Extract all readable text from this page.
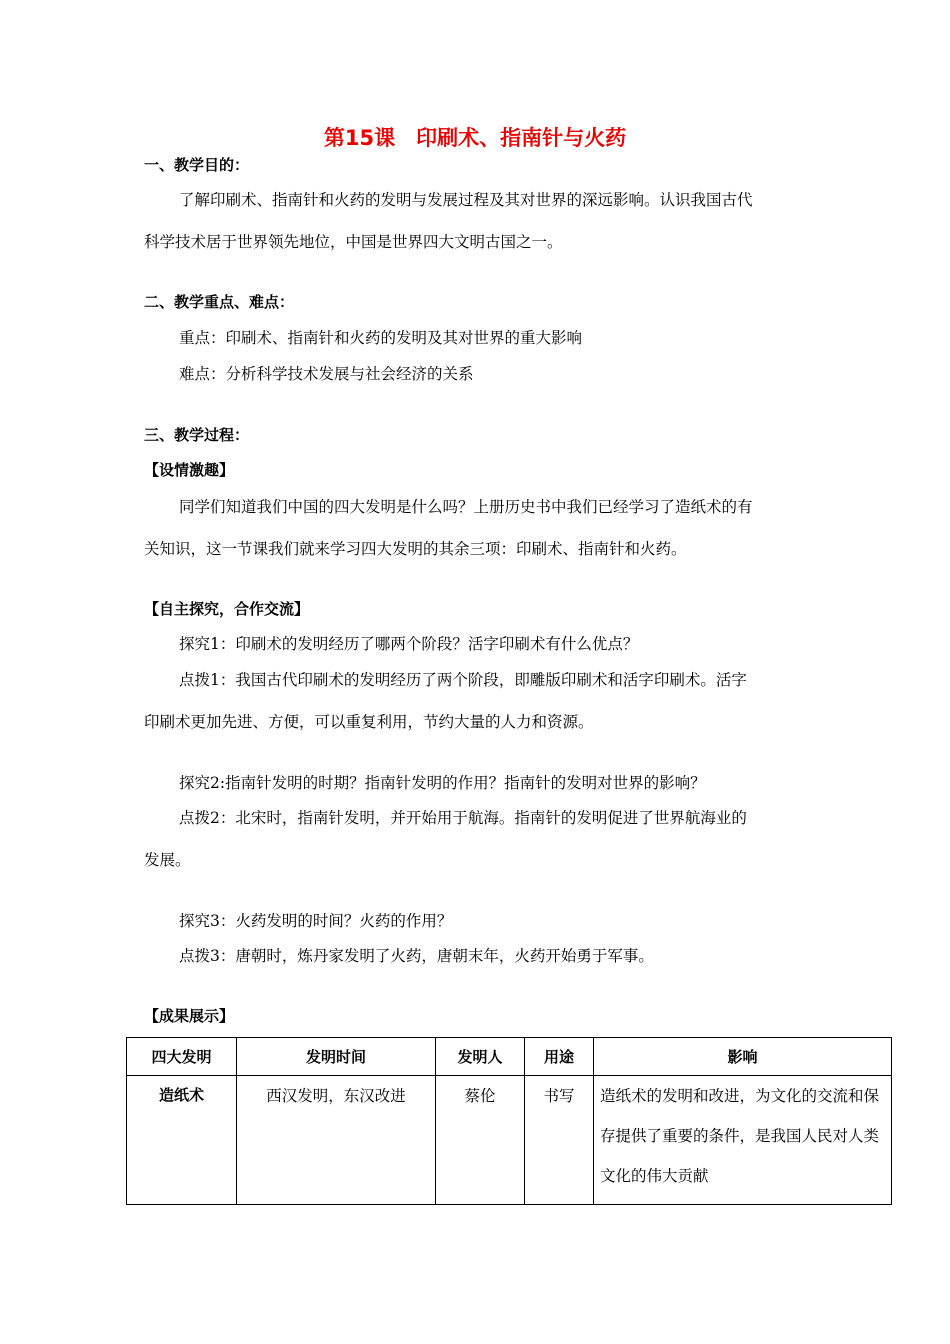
第15课　印刷术、指南针与火药
一、教学目的：
了解印刷术、指南针和火药的发明与发展过程及其对世界的深远影响。认识我国古代
科学技术居于世界领先地位，中国是世界四大文明古国之一。
二、教学重点、难点：
重点：印刷术、指南针和火药的发明及其对世界的重大影响
难点：分析科学技术发展与社会经济的关系
三、教学过程：
【设情激趣】
同学们知道我们中国的四大发明是什么吗？上册历史书中我们已经学习了造纸术的有
关知识，这一节课我们就来学习四大发明的其余三项：印刷术、指南针和火药。
【自主探究，合作交流】
探究1：印刷术的发明经历了哪两个阶段？活字印刷术有什么优点？
点拨1：我国古代印刷术的发明经历了两个阶段，即雕版印刷术和活字印刷术。活字
印刷术更加先进、方便，可以重复利用，节约大量的人力和资源。
探究2:指南针发明的时期？指南针发明的作用？指南针的发明对世界的影响？
点拨2：北宋时，指南针发明，并开始用于航海。指南针的发明促进了世界航海业的
发展。
探究3：火药发明的时间？火药的作用？
点拨3：唐朝时，炼丹家发明了火药，唐朝末年，火药开始勇于军事。
【成果展示】
四大发明	发明时间	发明人	用途	影响
造纸术	西汉发明，东汉改进	蔡伦	书写	造纸术的发明和改进，为文化的交流和保存提供了重要的条件，是我国人民对人类文化的伟大贡献
